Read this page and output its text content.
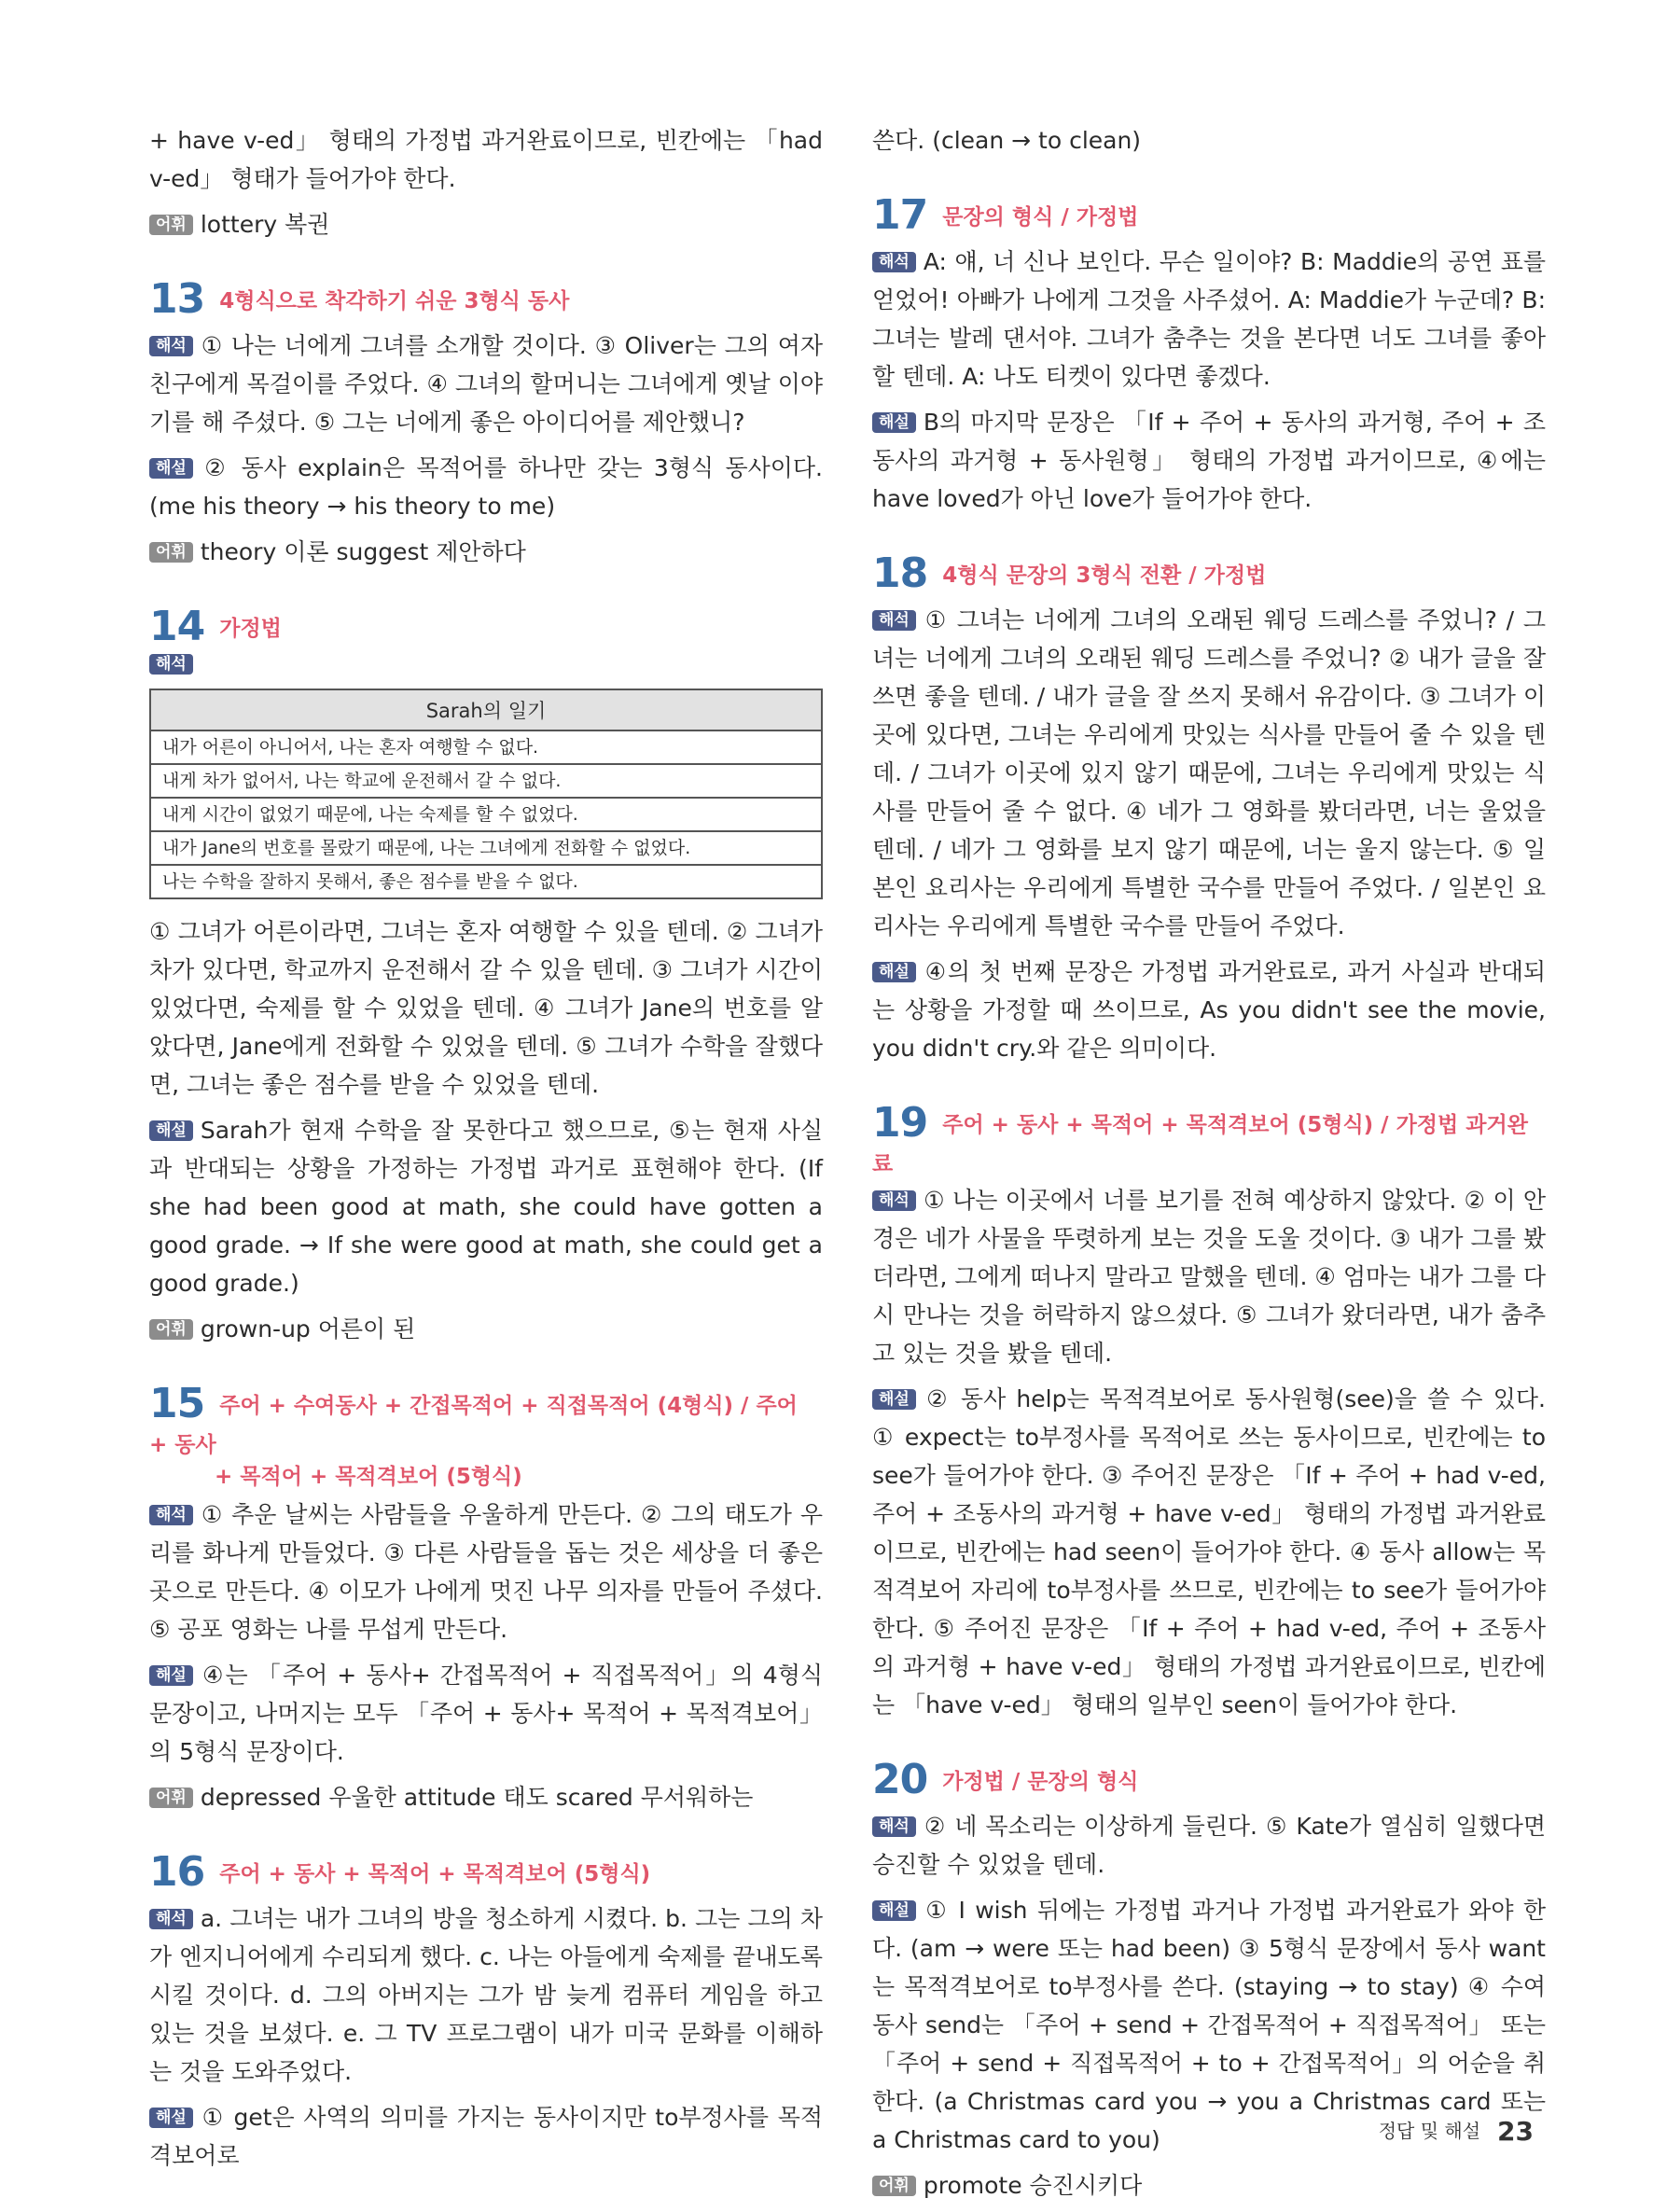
+ have v-ed」 형태의 가정법 과거완료이므로, 빈칸에는 「had v-ed」 형태가 들어가야 한다.

어휘 lottery 복권

13 4형식으로 착각하기 쉬운 3형식 동사

해석 ① 나는 너에게 그녀를 소개할 것이다. ③ Oliver는 그의 여자친구에게 목걸이를 주었다. ④ 그녀의 할머니는 그녀에게 옛날 이야기를 해 주셨다. ⑤ 그는 너에게 좋은 아이디어를 제안했니?

해설 ② 동사 explain은 목적어를 하나만 갖는 3형식 동사이다. (me his theory → his theory to me)

어휘 theory 이론 suggest 제안하다

14 가정법
해석
Sarah의 일기
내가 어른이 아니어서, 나는 혼자 여행할 수 없다.
내게 차가 없어서, 나는 학교에 운전해서 갈 수 없다.
내게 시간이 없었기 때문에, 나는 숙제를 할 수 없었다.
내가 Jane의 번호를 몰랐기 때문에, 나는 그녀에게 전화할 수 없었다.
나는 수학을 잘하지 못해서, 좋은 점수를 받을 수 없다.

① 그녀가 어른이라면, 그녀는 혼자 여행할 수 있을 텐데. ② 그녀가 차가 있다면, 학교까지 운전해서 갈 수 있을 텐데. ③ 그녀가 시간이 있었다면, 숙제를 할 수 있었을 텐데. ④ 그녀가 Jane의 번호를 알았다면, Jane에게 전화할 수 있었을 텐데. ⑤ 그녀가 수학을 잘했다면, 그녀는 좋은 점수를 받을 수 있었을 텐데.

해설 Sarah가 현재 수학을 잘 못한다고 했으므로, ⑤는 현재 사실과 반대되는 상황을 가정하는 가정법 과거로 표현해야 한다. (If she had been good at math, she could have gotten a good grade. → If she were good at math, she could get a good grade.)

어휘 grown-up 어른이 된

15 주어 + 수여동사 + 간접목적어 + 직접목적어 (4형식) / 주어 + 동사
+ 목적어 + 목적격보어 (5형식)

해석 ① 추운 날씨는 사람들을 우울하게 만든다. ② 그의 태도가 우리를 화나게 만들었다. ③ 다른 사람들을 돕는 것은 세상을 더 좋은 곳으로 만든다. ④ 이모가 나에게 멋진 나무 의자를 만들어 주셨다. ⑤ 공포 영화는 나를 무섭게 만든다.

해설 ④는 「주어 + 동사+ 간접목적어 + 직접목적어」의 4형식 문장이고, 나머지는 모두 「주어 + 동사+ 목적어 + 목적격보어」의 5형식 문장이다.

어휘 depressed 우울한 attitude 태도 scared 무서워하는

16 주어 + 동사 + 목적어 + 목적격보어 (5형식)

해석 a. 그녀는 내가 그녀의 방을 청소하게 시켰다. b. 그는 그의 차가 엔지니어에게 수리되게 했다. c. 나는 아들에게 숙제를 끝내도록 시킬 것이다. d. 그의 아버지는 그가 밤 늦게 컴퓨터 게임을 하고 있는 것을 보셨다. e. 그 TV 프로그램이 내가 미국 문화를 이해하는 것을 도와주었다.

해설 ① get은 사역의 의미를 가지는 동사이지만 to부정사를 목적격보어로

쓴다. (clean → to clean)

17 문장의 형식 / 가정법

해석 A: 얘, 너 신나 보인다. 무슨 일이야? B: Maddie의 공연 표를 얻었어! 아빠가 나에게 그것을 사주셨어. A: Maddie가 누군데? B: 그녀는 발레 댄서야. 그녀가 춤추는 것을 본다면 너도 그녀를 좋아할 텐데. A: 나도 티켓이 있다면 좋겠다.

해설 B의 마지막 문장은 「If + 주어 + 동사의 과거형, 주어 + 조동사의 과거형 + 동사원형」 형태의 가정법 과거이므로, ④에는 have loved가 아닌 love가 들어가야 한다.

18 4형식 문장의 3형식 전환 / 가정법

해석 ① 그녀는 너에게 그녀의 오래된 웨딩 드레스를 주었니? / 그녀는 너에게 그녀의 오래된 웨딩 드레스를 주었니? ② 내가 글을 잘 쓰면 좋을 텐데. / 내가 글을 잘 쓰지 못해서 유감이다. ③ 그녀가 이곳에 있다면, 그녀는 우리에게 맛있는 식사를 만들어 줄 수 있을 텐데. / 그녀가 이곳에 있지 않기 때문에, 그녀는 우리에게 맛있는 식사를 만들어 줄 수 없다. ④ 네가 그 영화를 봤더라면, 너는 울었을 텐데. / 네가 그 영화를 보지 않기 때문에, 너는 울지 않는다. ⑤ 일본인 요리사는 우리에게 특별한 국수를 만들어 주었다. / 일본인 요리사는 우리에게 특별한 국수를 만들어 주었다.

해설 ④의 첫 번째 문장은 가정법 과거완료로, 과거 사실과 반대되는 상황을 가정할 때 쓰이므로, As you didn't see the movie, you didn't cry.와 같은 의미이다.

19 주어 + 동사 + 목적어 + 목적격보어 (5형식) / 가정법 과거완료

해석 ① 나는 이곳에서 너를 보기를 전혀 예상하지 않았다. ② 이 안경은 네가 사물을 뚜렷하게 보는 것을 도울 것이다. ③ 내가 그를 봤더라면, 그에게 떠나지 말라고 말했을 텐데. ④ 엄마는 내가 그를 다시 만나는 것을 허락하지 않으셨다. ⑤ 그녀가 왔더라면, 내가 춤추고 있는 것을 봤을 텐데.

해설 ② 동사 help는 목적격보어로 동사원형(see)을 쓸 수 있다. ① expect는 to부정사를 목적어로 쓰는 동사이므로, 빈칸에는 to see가 들어가야 한다. ③ 주어진 문장은 「If + 주어 + had v-ed, 주어 + 조동사의 과거형 + have v-ed」 형태의 가정법 과거완료이므로, 빈칸에는 had seen이 들어가야 한다. ④ 동사 allow는 목적격보어 자리에 to부정사를 쓰므로, 빈칸에는 to see가 들어가야 한다. ⑤ 주어진 문장은 「If + 주어 + had v-ed, 주어 + 조동사의 과거형 + have v-ed」 형태의 가정법 과거완료이므로, 빈칸에는 「have v-ed」 형태의 일부인 seen이 들어가야 한다.

20 가정법 / 문장의 형식

해석 ② 네 목소리는 이상하게 들린다. ⑤ Kate가 열심히 일했다면 승진할 수 있었을 텐데.

해설 ① I wish 뒤에는 가정법 과거나 가정법 과거완료가 와야 한다. (am → were 또는 had been) ③ 5형식 문장에서 동사 want는 목적격보어로 to부정사를 쓴다. (staying → to stay) ④ 수여동사 send는 「주어 + send + 간접목적어 + 직접목적어」 또는 「주어 + send + 직접목적어 + to + 간접목적어」의 어순을 취한다. (a Christmas card you → you a Christmas card 또는 a Christmas card to you)

어휘 promote 승진시키다

정답 및 해설 23
